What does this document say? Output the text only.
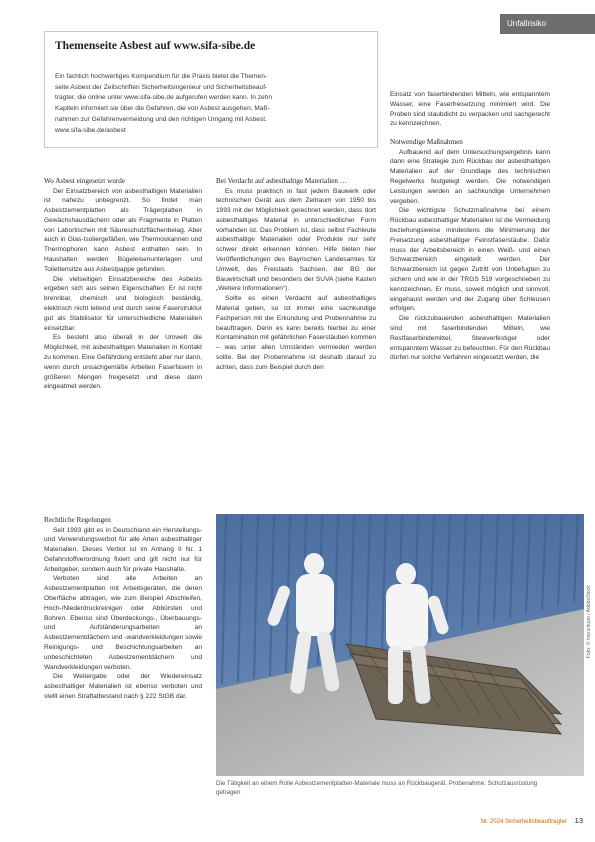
Unfallrisiko
Themenseite Asbest auf www.sifa-sibe.de

Ein fachlich hochwertiges Kompendium für die Praxis bietet die Themen-

seite Asbest der Zeitschriften Sicherheitsingenieur und Sicherheitsbeauf-

tragter, die online unter www.sifa-sibe.de aufgerufen werden kann. In zehn

Kapiteln informiert sie über die Gefahren, die von Asbest ausgehen, Maß-

nahmen zur Gefahrenvermeidung und den richtigen Umgang mit Asbest.

www.sifa-sibe.de/asbest

Wo Asbest eingesetzt wurde

Der Einsatzbereich von asbesthaltigen Materialien ist nahezu unbegrenzt. So findet man Asbestzementplatten als Trägerplatten in Gewächshausdächern oder als Fragmente in Platten von Labortischen mit Säureschutzflächenbelag. Aber auch in Glas-Isoliergefäßen, wie Thermoskannen und Thermophoren kann Asbest enthalten sein. In Haushalten werden Bügeleisenunterlagen und Toilettensitze aus Asbestpappe gefunden.

Die vielseitigen Einsatzbereiche des Asbests ergeben sich aus seinen Eigenschaften: Er ist nicht brennbar, chemisch und biologisch beständig, elektrisch nicht leitend und durch seine Faserstruktur gut als Stabilisator für unterschiedliche Materialien einsetzbar.

Es besteht also überall in der Umwelt die Möglichkeit, mit asbesthaltigen Materialien in Kontakt zu kommen. Eine Gefährdung entsteht aber nur dann, wenn durch unsachgemäße Arbeiten Faserfasern in größeren Mengen freigesetzt und diese dann eingeatmet werden.

Rechtliche Regelungen

Seit 1993 gibt es in Deutschland ein Herstellungs- und Verwendungsverbot für alle Arten asbesthaltiger Materialien. Dieses Verbot ist im Anhang II Nr. 1 Gefahrstoffverordnung fixiert und gilt nicht nur für Arbeitgeber, sondern auch für private Haushalte.

Verboten sind alle Arbeiten an Asbestzementplatten mit Arbeitsgeräten, die deren Oberfläche abtragen, wie zum Beispiel Abschleifen, Hoch-/Niederdruckreinigen oder Abbürsten und Bohren. Ebenso sind Überdeckungs-, Überbauungs- und Aufständerungsarbeiten an Asbestzementdächern und -wandverkleidungen sowie Reinigungs- und Beschichtungsarbeiten an unbeschichteten Asbestzementdächern und Wandverkleidungen verboten.

Die Weitergabe oder der Wiedereinsatz asbesthaltiger Materialien ist ebenso verboten und stellt einen Straftatbestand nach § 222 StGB dar.

Bei Verdacht auf asbesthaltige Materialien …

Es muss praktisch in fast jedem Bauwerk oder technischen Gerät aus dem Zeitraum von 1950 bis 1993 mit der Möglichkeit gerechnet werden, dass dort asbesthaltiges Material in unterschiedlicher Form vorhanden ist. Das Problem ist, dass selbst Fachleute asbesthaltige Materialien oder Produkte nur sehr schwer direkt erkennen können. Hilfe bieten hier Veröffentlichungen des Bayrischen Landesamtes für Umwelt, des Freistaats Sachsen, der BG der Bauwirtschaft und besonders der SUVA (siehe Kasten „Weitere Informationen“).

Sollte es einen Verdacht auf asbesthaltiges Material geben, so ist immer eine sachkundige Fachperson mit der Erkundung und Probennahme zu beauftragen. Denn es kann bereits hierbei zu einer Kontamination mit gefährlichen Faserstäuben kommen – was unter allen Umständen vermieden werden sollte. Bei der Probennahme ist deshalb darauf zu achten, dass zum Beispiel durch den

Einsatz von faserbindenden Mitteln, wie entspanntem Wasser, eine Faserfreisetzung minimiert wird. Die Proben sind staubdicht zu verpacken und sachgerecht zu kennzeichnen.

Notwendige Maßnahmen

Aufbauend auf dem Untersuchungsergebnis kann dann eine Strategie zum Rückbau der asbesthaltigen Materialien auf der Grundlage des technischen Regelwerks festgelegt werden. Die notwendigen Leistungen werden an sachkundige Unternehmen vergeben.

Die wichtigste Schutzmaßnahme bei einem Rückbau asbesthaltiger Materialien ist die Vermeidung beziehungsweise mindestens die Minimierung der Freisetzung asbesthaltiger Feinstfaserstäube. Dafür muss der Arbeitsbereich in einen Weiß- und einen Schwarzbereich eingeteilt werden. Der Schwarzbereich ist gegen Zutritt von Unbefugten zu sichern und wie in der TRGS 519 vorgeschrieben zu kennzeichnen. Er muss, soweit möglich und sinnvoll, eingehaust werden und der Zugang über Schleusen erfolgen.

Die rückzubauenden asbesthaltigen Materialien sind mit faserbindenden Mitteln, wie Restfaserbindemittel, Stewverfestiger oder entspanntem Wasser zu befeuchten. Für den Rückbau dürfen nur solche Verfahren eingesetzt werden, die

Foto: © maruntupo / AdobeStock
Die Tätigkeit an einem Rolle Asbestzementplatten-Materiale muss an Rückbaugerät. Probenahme: Schutzausrüstung getragen
Nr. 2024 Sicherheitsbeauftragter 13
